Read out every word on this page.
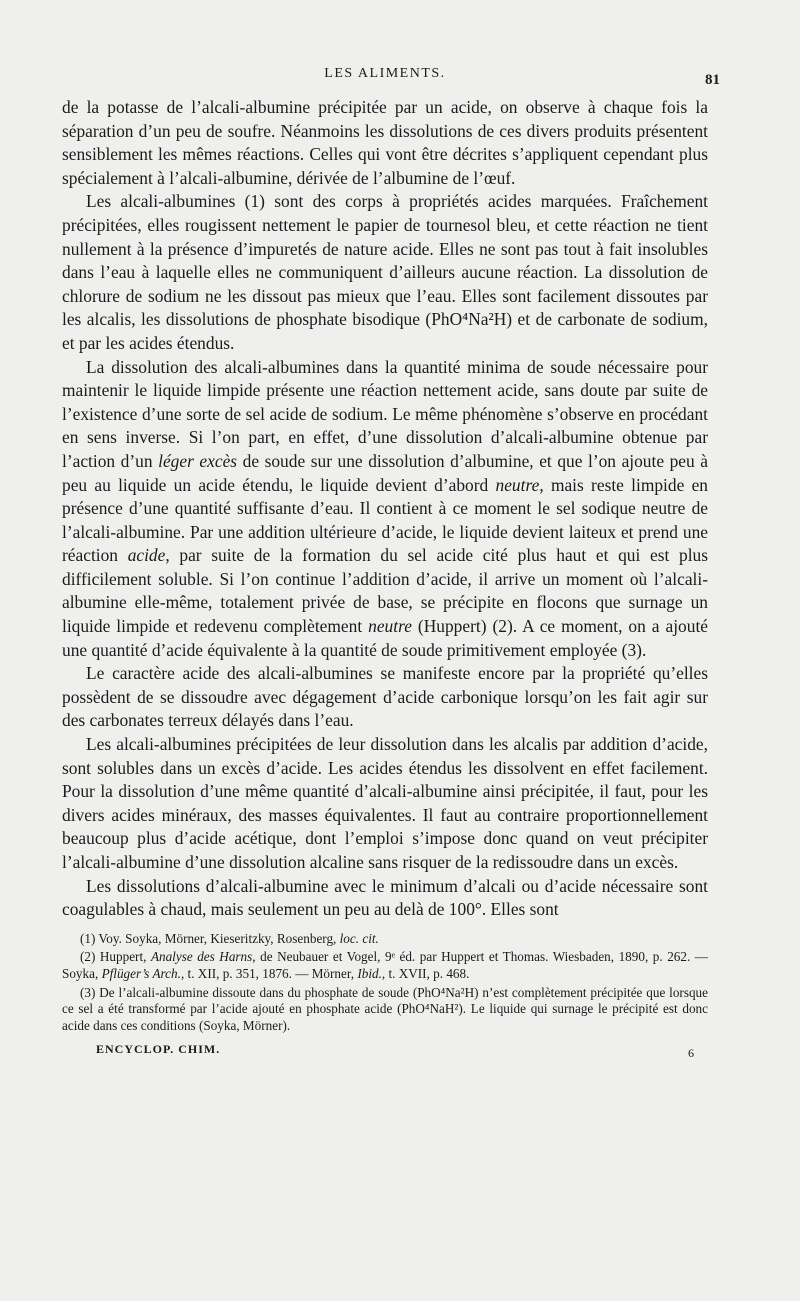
LES ALIMENTS.	81

de la potasse de l’alcali-albumine précipitée par un acide, on observe à chaque fois la séparation d’un peu de soufre. Néanmoins les dissolutions de ces divers produits présentent sensiblement les mêmes réactions. Celles qui vont être décrites s’appliquent cependant plus spécialement à l’alcali-albumine, dérivée de l’albumine de l’œuf.

Les alcali-albumines (1) sont des corps à propriétés acides marquées. Fraîchement précipitées, elles rougissent nettement le papier de tournesol bleu, et cette réaction ne tient nullement à la présence d’impuretés de nature acide. Elles ne sont pas tout à fait insolubles dans l’eau à laquelle elles ne communiquent d’ailleurs aucune réaction. La dissolution de chlorure de sodium ne les dissout pas mieux que l’eau. Elles sont facilement dissoutes par les alcalis, les dissolutions de phosphate bisodique (PhO⁴Na²H) et de carbonate de sodium, et par les acides étendus.

La dissolution des alcali-albumines dans la quantité minima de soude nécessaire pour maintenir le liquide limpide présente une réaction nettement acide, sans doute par suite de l’existence d’une sorte de sel acide de sodium. Le même phénomène s’observe en procédant en sens inverse. Si l’on part, en effet, d’une dissolution d’alcali-albumine obtenue par l’action d’un léger excès de soude sur une dissolution d’albumine, et que l’on ajoute peu à peu au liquide un acide étendu, le liquide devient d’abord neutre, mais reste limpide en présence d’une quantité suffisante d’eau. Il contient à ce moment le sel sodique neutre de l’alcali-albumine. Par une addition ultérieure d’acide, le liquide devient laiteux et prend une réaction acide, par suite de la formation du sel acide cité plus haut et qui est plus difficilement soluble. Si l’on continue l’addition d’acide, il arrive un moment où l’alcali-albumine elle-même, totalement privée de base, se précipite en flocons que surnage un liquide limpide et redevenu complètement neutre (Huppert) (2). A ce moment, on a ajouté une quantité d’acide équivalente à la quantité de soude primitivement employée (3).

Le caractère acide des alcali-albumines se manifeste encore par la propriété qu’elles possèdent de se dissoudre avec dégagement d’acide carbonique lorsqu’on les fait agir sur des carbonates terreux délayés dans l’eau.

Les alcali-albumines précipitées de leur dissolution dans les alcalis par addition d’acide, sont solubles dans un excès d’acide. Les acides étendus les dissolvent en effet facilement. Pour la dissolution d’une même quantité d’alcali-albumine ainsi précipitée, il faut, pour les divers acides minéraux, des masses équivalentes. Il faut au contraire proportionnellement beaucoup plus d’acide acétique, dont l’emploi s’impose donc quand on veut précipiter l’alcali-albumine d’une dissolution alcaline sans risquer de la redissoudre dans un excès.

Les dissolutions d’alcali-albumine avec le minimum d’alcali ou d’acide nécessaire sont coagulables à chaud, mais seulement un peu au delà de 100°. Elles sont

(1) Voy. Soyka, Mörner, Kieseritzky, Rosenberg, loc. cit.

(2) Huppert, Analyse des Harns, de Neubauer et Vogel, 9ᵉ éd. par Huppert et Thomas. Wiesbaden, 1890, p. 262. — Soyka, Pflüger’s Arch., t. XII, p. 351, 1876. — Mörner, Ibid., t. XVII, p. 468.

(3) De l’alcali-albumine dissoute dans du phosphate de soude (PhO⁴Na²H) n’est complètement précipitée que lorsque ce sel a été transformé par l’acide ajouté en phosphate acide (PhO⁴NaH²). Le liquide qui surnage le précipité est donc acide dans ces conditions (Soyka, Mörner).

ENCYCLOP. CHIM.	6
